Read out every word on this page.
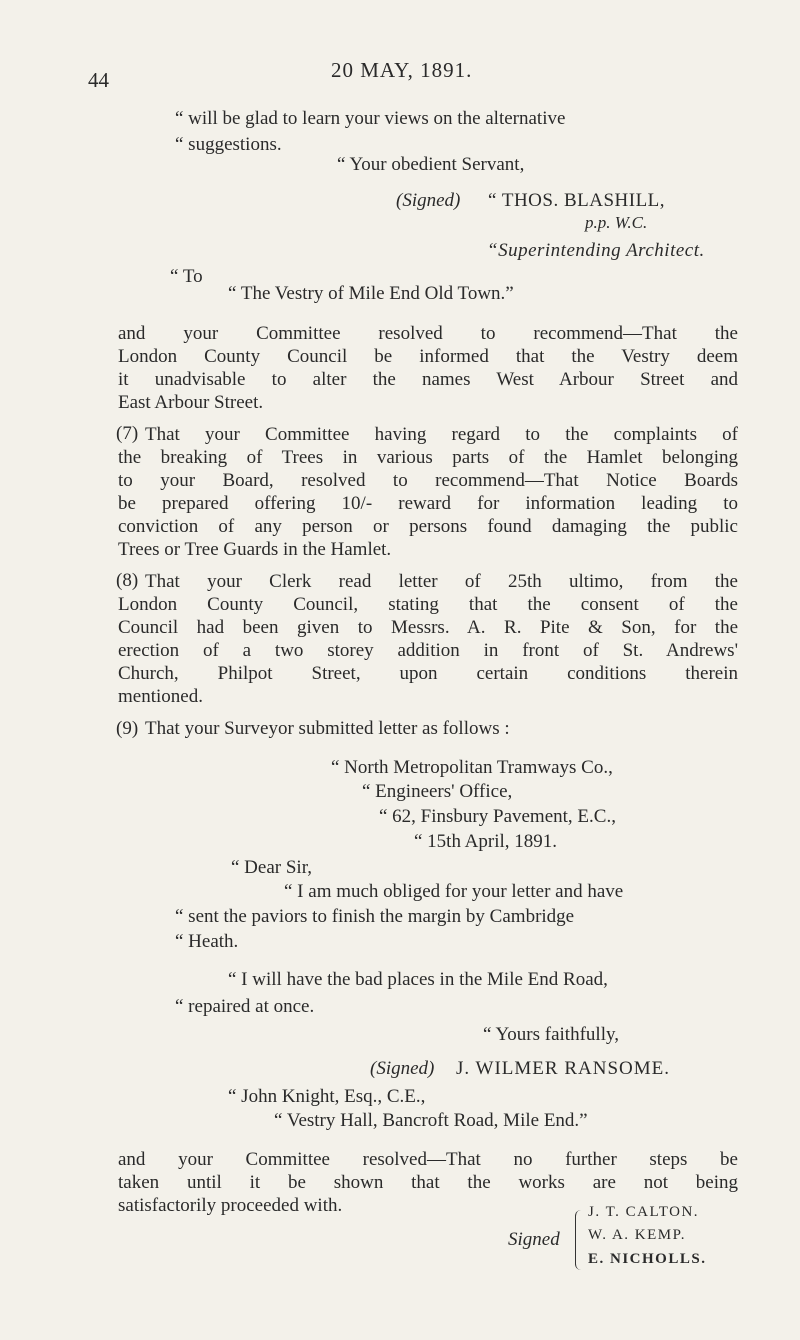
44	20 MAY, 1891.
“ will be glad to learn your views on the alternative
“ suggestions.
“ Your obedient Servant,
(Signed) “ THOS. BLASHILL,
p.p. W.C.
“Superintending Architect.
“ To
“ The Vestry of Mile End Old Town.”
and your Committee resolved to recommend—That the
London County Council be informed that the Vestry deem
it unadvisable to alter the names West Arbour Street and
East Arbour Street.
(7) That your Committee having regard to the complaints of
the breaking of Trees in various parts of the Hamlet belonging
to your Board, resolved to recommend—That Notice Boards
be prepared offering 10/- reward for information leading to
conviction of any person or persons found damaging the public
Trees or Tree Guards in the Hamlet.
(8) That your Clerk read letter of 25th ultimo, from the
London County Council, stating that the consent of the
Council had been given to Messrs. A. R. Pite & Son, for the
erection of a two storey addition in front of St. Andrews'
Church, Philpot Street, upon certain conditions therein
mentioned.
(9) That your Surveyor submitted letter as follows :
“ North Metropolitan Tramways Co.,
“ Engineers' Office,
“ 62, Finsbury Pavement, E.C.,
“ 15th April, 1891.
“ Dear Sir,
“ I am much obliged for your letter and have
“ sent the paviors to finish the margin by Cambridge
“ Heath.
“ I will have the bad places in the Mile End Road,
“ repaired at once.
“ Yours faithfully,
(Signed) J. WILMER RANSOME.
“ John Knight, Esq., C.E.,
“ Vestry Hall, Bancroft Road, Mile End.”
and your Committee resolved—That no further steps be
taken until it be shown that the works are not being
satisfactorily proceeded with.
Signed
J. T. CALTON.
W. A. KEMP.
E. NICHOLLS.
